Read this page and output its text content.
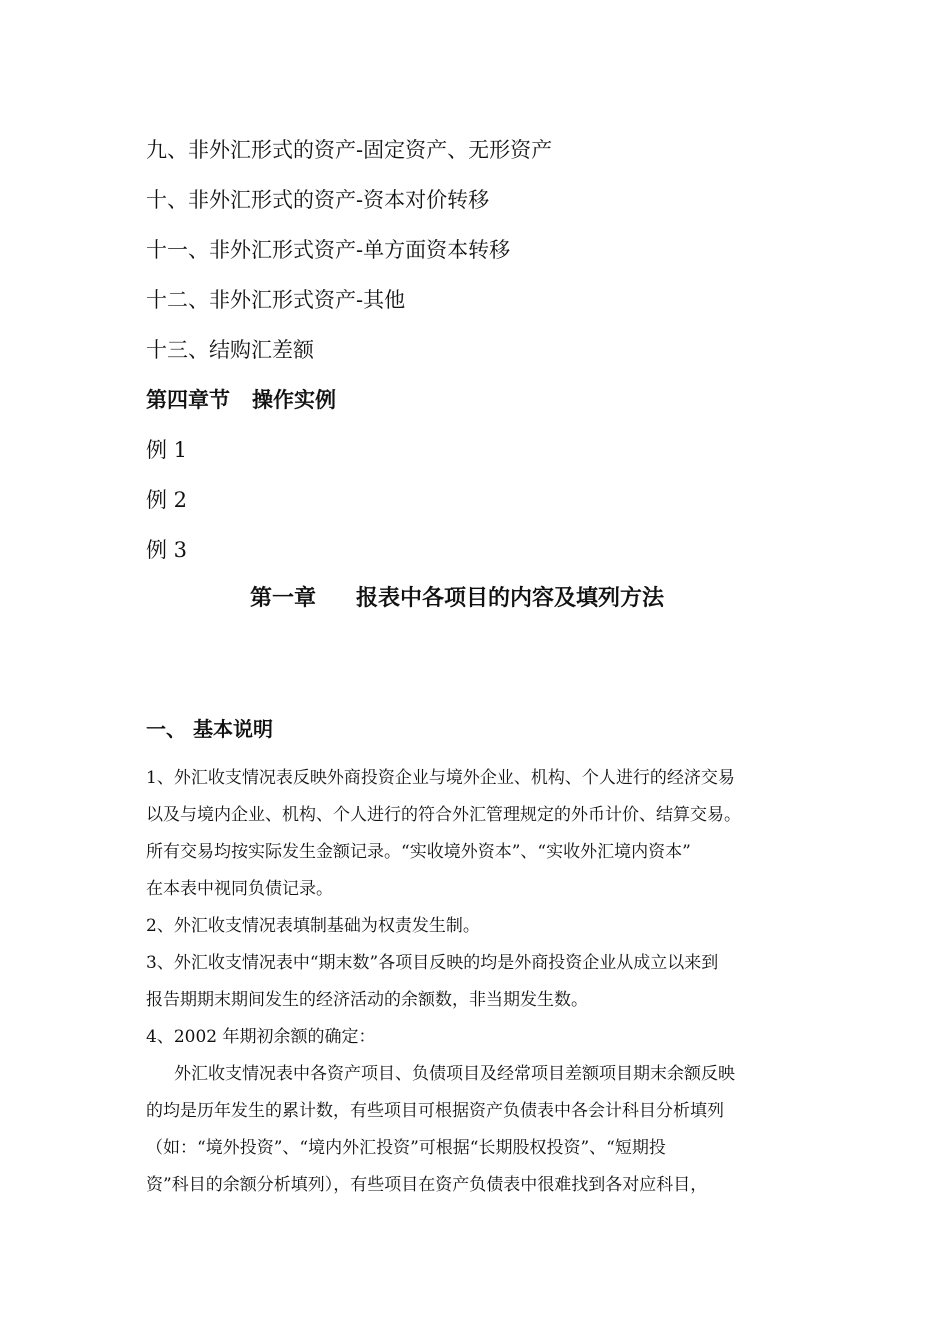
九、非外汇形式的资产-固定资产、无形资产
十、非外汇形式的资产-资本对价转移
十一、非外汇形式资产-单方面资本转移
十二、非外汇形式资产-其他
十三、结购汇差额
第四章节 操作实例
例 1
例 2
例 3
第一章 报表中各项目的内容及填列方法
一、 基本说明
1、外汇收支情况表反映外商投资企业与境外企业、机构、个人进行的经济交易
以及与境内企业、机构、个人进行的符合外汇管理规定的外币计价、结算交易。
所有交易均按实际发生金额记录。“实收境外资本”、“实收外汇境内资本”
在本表中视同负债记录。
2、外汇收支情况表填制基础为权责发生制。
3、外汇收支情况表中“期末数”各项目反映的均是外商投资企业从成立以来到
报告期期末期间发生的经济活动的余额数，非当期发生数。
4、2002 年期初余额的确定：
外汇收支情况表中各资产项目、负债项目及经常项目差额项目期末余额反映
的均是历年发生的累计数，有些项目可根据资产负债表中各会计科目分析填列
（如：“境外投资”、“境内外汇投资”可根据“长期股权投资”、“短期投
资”科目的余额分析填列），有些项目在资产负债表中很难找到各对应科目，
